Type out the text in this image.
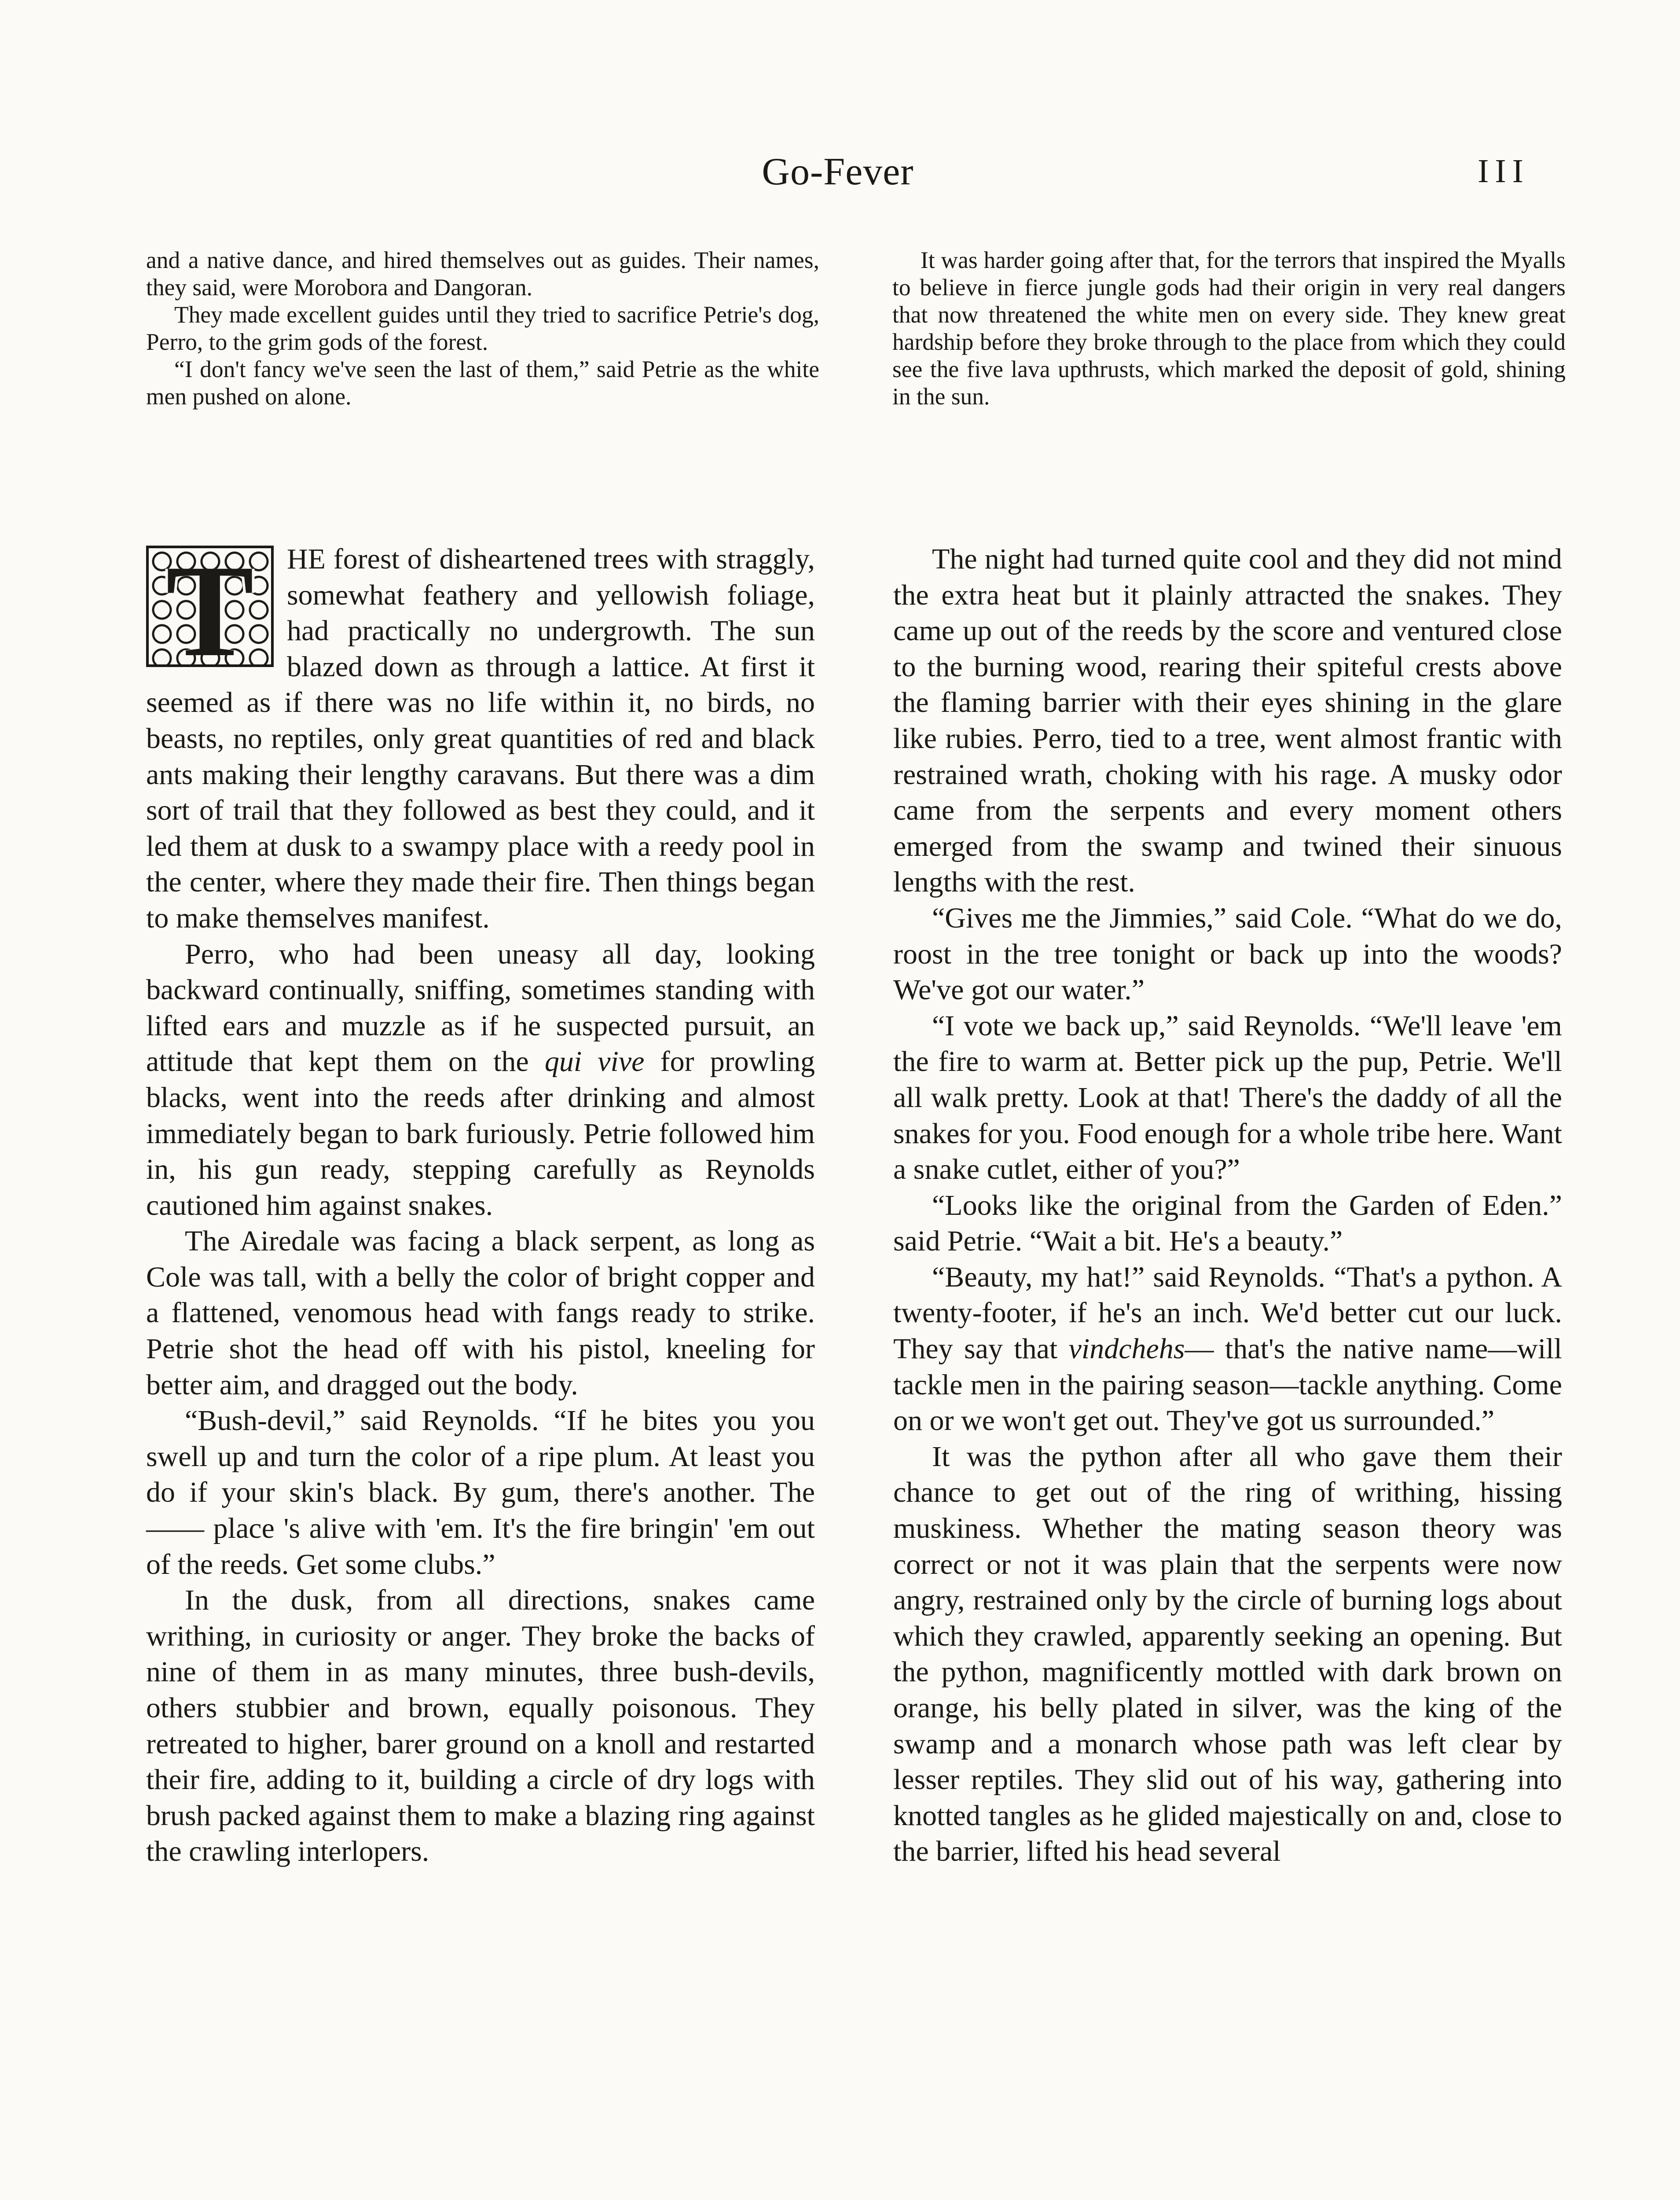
Go-Fever	III

and a native dance, and hired themselves out as guides. Their names, they said, were Morobora and Dangoran.

They made excellent guides until they tried to sacrifice Petrie's dog, Perro, to the grim gods of the forest.

“I don't fancy we've seen the last of them,” said Petrie as the white men pushed on alone.

It was harder going after that, for the terrors that inspired the Myalls to believe in fierce jungle gods had their origin in very real dangers that now threatened the white men on every side. They knew great hardship before they broke through to the place from which they could see the five lava upthrusts, which marked the deposit of gold, shining in the sun.

T	HE forest of disheartened trees with straggly, somewhat feathery and yellowish foliage, had practically no undergrowth. The sun blazed down as through a lattice. At first it seemed as if there was no life within it, no birds, no beasts, no reptiles, only great quantities of red and black ants making their lengthy caravans. But there was a dim sort of trail that they followed as best they could, and it led them at dusk to a swampy place with a reedy pool in the center, where they made their fire. Then things began to make themselves manifest.

Perro, who had been uneasy all day, looking backward continually, sniffing, sometimes standing with lifted ears and muzzle as if he suspected pursuit, an attitude that kept them on the qui vive for prowling blacks, went into the reeds after drinking and almost immediately began to bark furiously. Petrie followed him in, his gun ready, stepping carefully as Reynolds cautioned him against snakes.

The Airedale was facing a black serpent, as long as Cole was tall, with a belly the color of bright copper and a flattened, venomous head with fangs ready to strike. Petrie shot the head off with his pistol, kneeling for better aim, and dragged out the body.

“Bush-devil,” said Reynolds. “If he bites you you swell up and turn the color of a ripe plum. At least you do if your skin's black. By gum, there's another. The —— place 's alive with 'em. It's the fire bringin' 'em out of the reeds. Get some clubs.”

In the dusk, from all directions, snakes came writhing, in curiosity or anger. They broke the backs of nine of them in as many minutes, three bush-devils, others stubbier and brown, equally poisonous. They retreated to higher, barer ground on a knoll and restarted their fire, adding to it, building a circle of dry logs with brush packed against them to make a blazing ring against the crawling interlopers.

The night had turned quite cool and they did not mind the extra heat but it plainly attracted the snakes. They came up out of the reeds by the score and ventured close to the burning wood, rearing their spiteful crests above the flaming barrier with their eyes shining in the glare like rubies. Perro, tied to a tree, went almost frantic with restrained wrath, choking with his rage. A musky odor came from the serpents and every moment others emerged from the swamp and twined their sinuous lengths with the rest.

“Gives me the Jimmies,” said Cole. “What do we do, roost in the tree tonight or back up into the woods? We've got our water.”

“I vote we back up,” said Reynolds. “We'll leave 'em the fire to warm at. Better pick up the pup, Petrie. We'll all walk pretty. Look at that! There's the daddy of all the snakes for you. Food enough for a whole tribe here. Want a snake cutlet, either of you?”

“Looks like the original from the Garden of Eden.” said Petrie. “Wait a bit. He's a beauty.”

“Beauty, my hat!” said Reynolds. “That's a python. A twenty-footer, if he's an inch. We'd better cut our luck. They say that vindchehs— that's the native name—will tackle men in the pairing season—tackle anything. Come on or we won't get out. They've got us surrounded.”

It was the python after all who gave them their chance to get out of the ring of writhing, hissing muskiness. Whether the mating season theory was correct or not it was plain that the serpents were now angry, restrained only by the circle of burning logs about which they crawled, apparently seeking an opening. But the python, magnificently mottled with dark brown on orange, his belly plated in silver, was the king of the swamp and a monarch whose path was left clear by lesser reptiles. They slid out of his way, gathering into knotted tangles as he glided majestically on and, close to the barrier, lifted his head several
